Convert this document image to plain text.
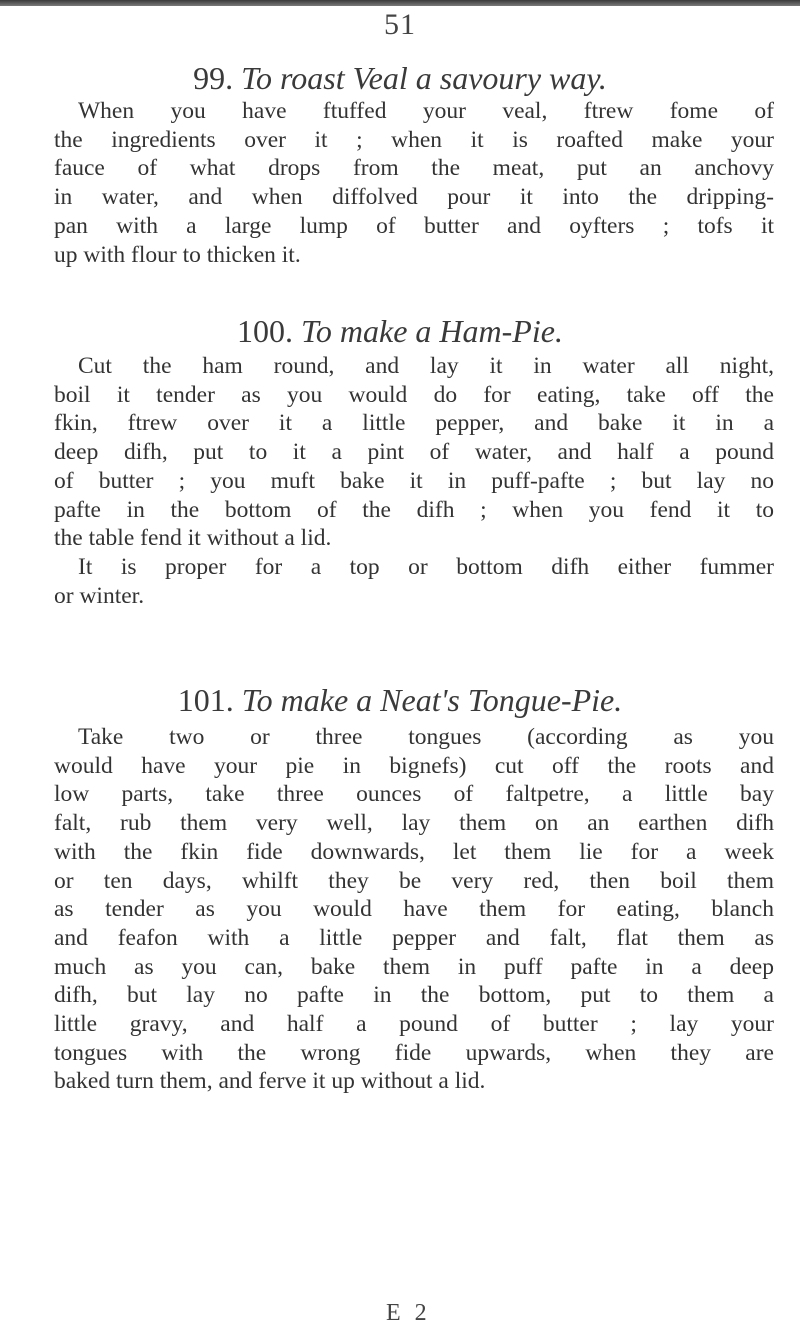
51
99. To roast Veal a savoury way.

When you have ftuffed your veal, ftrew fome of

the ingredients over it ; when it is roafted make your

fauce of what drops from the meat, put an anchovy

in water, and when diffolved pour it into the dripping-

pan with a large lump of butter and oyfters ; tofs it

up with flour to thicken it.

100. To make a Ham-Pie.

Cut the ham round, and lay it in water all night,

boil it tender as you would do for eating, take off the

fkin, ftrew over it a little pepper, and bake it in a

deep difh, put to it a pint of water, and half a pound

of butter ; you muft bake it in puff-pafte ; but lay no

pafte in the bottom of the difh ; when you fend it to

the table fend it without a lid.

It is proper for a top or bottom difh either fummer

or winter.

101. To make a Neat's Tongue-Pie.

Take two or three tongues (according as you

would have your pie in bignefs) cut off the roots and

low parts, take three ounces of faltpetre, a little bay

falt, rub them very well, lay them on an earthen difh

with the fkin fide downwards, let them lie for a week

or ten days, whilft they be very red, then boil them

as tender as you would have them for eating, blanch

and feafon with a little pepper and falt, flat them as

much as you can, bake them in puff pafte in a deep

difh, but lay no pafte in the bottom, put to them a

little gravy, and half a pound of butter ; lay your

tongues with the wrong fide upwards, when they are

baked turn them, and ferve it up without a lid.

E 2
